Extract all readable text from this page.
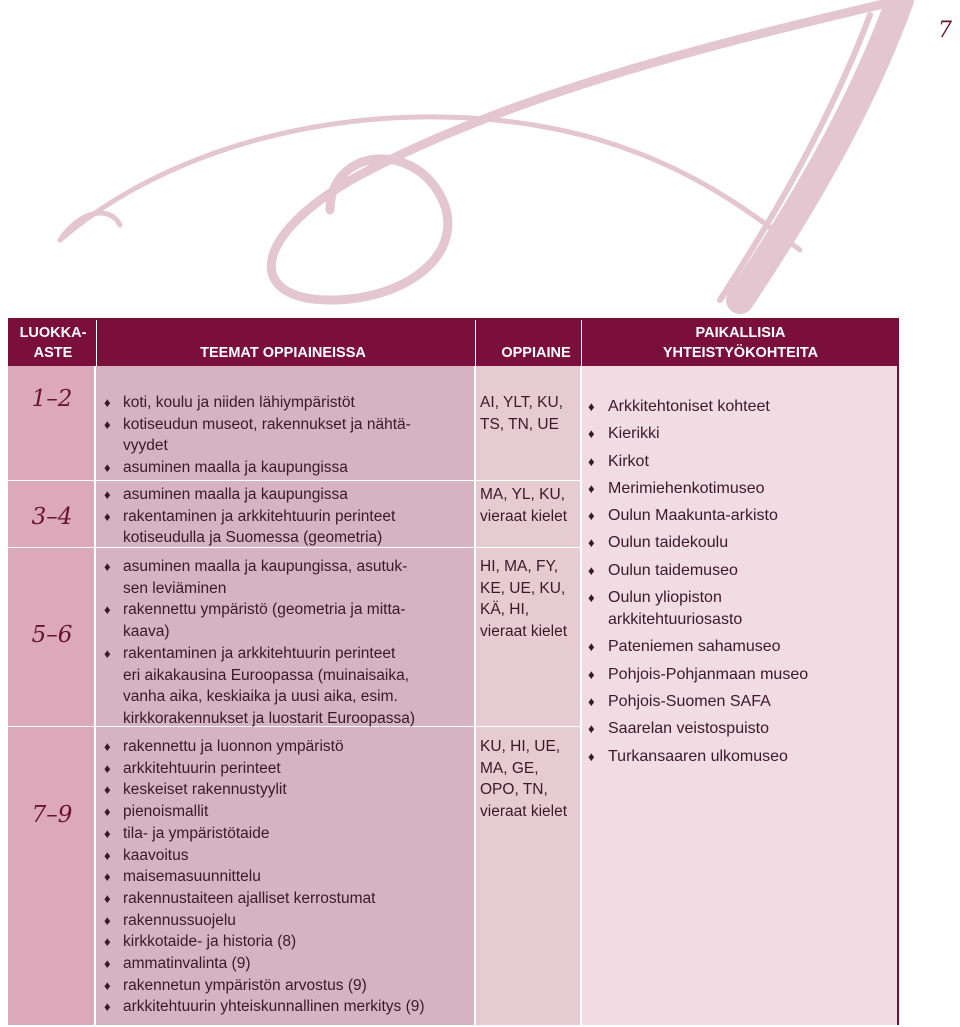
7
LUOKKA-
ASTE	TEEMAT OPPIAINEISSA	OPPIAINE
PAIKALLISIA
YHTEISTYÖKOHTEITA
1–2
♦	koti, koulu ja niiden lähiympäristöt
♦ kotiseudun museot, rakennukset ja nähtä-
vyydet
♦ asuminen maalla ja kaupungissa
AI, YLT, KU, TS, TN, UE
3–4
♦ asuminen maalla ja kaupungissa
♦ rakentaminen ja arkkitehtuurin perinteet
kotiseudulla ja Suomessa (geometria)
MA, YL, KU, vieraat kielet
5–6
♦ asuminen maalla ja kaupungissa, asutuk-
sen leviäminen
♦ rakennettu ympäristö (geometria ja mitta-
kaava)
♦ rakentaminen ja arkkitehtuurin perinteet
eri aikakausina Euroopassa (muinaisaika,
vanha aika, keskiaika ja uusi aika, esim.
kirkkorakennukset ja luostarit Euroopassa)
HI, MA, FY, KE, UE, KU, KÄ, HI, vieraat kielet
7–9
♦ rakennettu ja luonnon ympäristö
♦ arkkitehtuurin perinteet
♦ keskeiset rakennustyylit
♦ pienoismallit
♦ tila- ja ympäristötaide
♦ kaavoitus
♦ maisemasuunnittelu
♦ rakennustaiteen ajalliset kerrostumat
♦ rakennussuojelu
♦ kirkkotaide- ja historia (8)
♦ ammatinvalinta (9)
♦ rakennetun ympäristön arvostus (9)
♦ arkkitehtuurin yhteiskunnallinen merkitys (9)
KU, HI, UE, MA, GE, OPO, TN, vieraat kielet
♦ Arkkitehtoniset kohteet
♦ Kierikki
♦ Kirkot
♦ Merimiehenkotimuseo
♦ Oulun Maakunta-arkisto
♦ Oulun taidekoulu
♦ Oulun taidemuseo
♦ Oulun yliopiston
arkkitehtuuriosasto
♦ Pateniemen sahamuseo
♦ Pohjois-Pohjanmaan museo
♦ Pohjois-Suomen SAFA
♦ Saarelan veistospuisto
♦ Turkansaaren ulkomuseo
